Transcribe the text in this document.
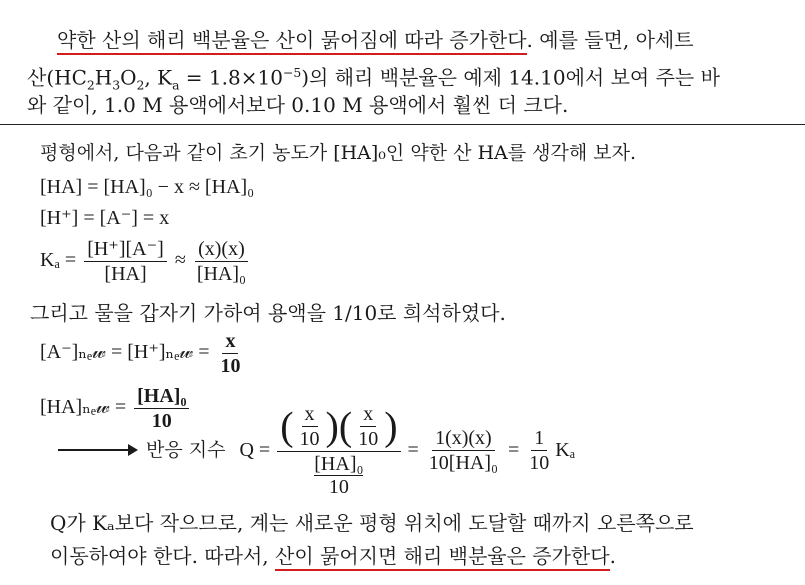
약한 산의 해리 백분율은 산이 묽어짐에 따라 증가한다. 예를 들면, 아세트
산($HC_2H_3O_2$, $K_a = 1.8\times 10^{-5}$)의 해리 백분율은 예제 14.10에서 보여 주는 바
와 같이, 1.0 M 용액에서보다 0.10 M 용액에서 훨씬 더 크다.
평형에서, 다음과 같이 초기 농도가 [HA]₀인 약한 산 HA를 생각해 보자.
[HA] = [HA]₀ − x ≈ [HA]₀
[H⁺] = [A⁻] = x
$K_a = \frac{[H^+][A^-]}{[HA]} \approx \frac{(x)(x)}{\text{[HA]₀}}$
그리고 물을 갑자기 가하여 용액을 1/10로 희석하였다.
[A⁻]ₙₑ𝓌 = [H⁺]ₙₑ𝓌 = $\frac{x}{10}$
[HA]ₙₑ𝓌 = $\frac{\text{[HA]₀}}{10}$
반응 지수 Q = ( $\frac{x}{10}$ )( $\frac{x}{10}$ )
[HA]₀
$10 = \frac{1(x)(x)}{\text{10[HA]₀}} = \frac{1}{10}$ Kₐ
Q가 Kₐ보다 작으므로, 계는 새로운 평형 위치에 도달할 때까지 오른쪽으로
이동하여야 한다. 따라서, 산이 묽어지면 해리 백분율은 증가한다.
